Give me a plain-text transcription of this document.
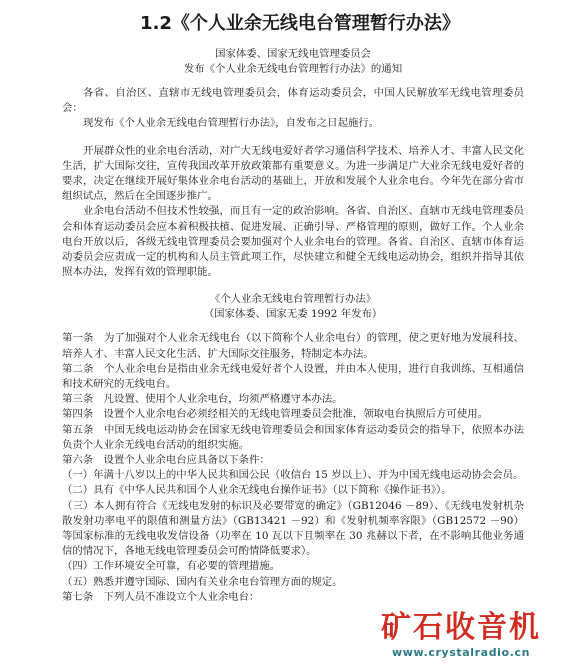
1.2《个人业余无线电台管理暂行办法》
国家体委、国家无线电管理委员会
发布《个人业余无线电台管理暂行办法》的通知

各省、自治区、直辖市无线电管理委员会，体育运动委员会，中国人民解放军无线电管理委员会：

现发布《个人业余无线电台管理暂行办法》，自发布之日起施行。

开展群众性的业余电台活动，对广大无线电爱好者学习通信科学技术、培养人才、丰富人民文化生活，扩大国际交往，宣传我国改革开放政策都有重要意义。为进一步满足广大业余无线电爱好者的要求，决定在继续开展好集体业余电台活动的基础上，开放和发展个人业余电台。今年先在部分省市组织试点，然后在全国逐步推广。

业余电台活动不但技术性较强，而且有一定的政治影响。各省、自治区、直辖市无线电管理委员会和体育运动委员会应本着积极扶植、促进发展、正确引导、严格管理的原则，做好工作。个人业余电台开放以后，各级无线电管理委员会要加强对个人业余电台的管理。各省、自治区、直辖市体育运动委员会应责成一定的机构和人员主管此项工作，尽快建立和健全无线电运动协会，组织并指导其依照本办法，发挥有效的管理职能。

《个人业余无线电台管理暂行办法》
（国家体委、国家无委 1992 年发布）

第一条　为了加强对个人业余无线电台（以下简称个人业余电台）的管理，使之更好地为发展科技、培养人才、丰富人民文化生活、扩大国际交往服务，特制定本办法。

第二条　个人业余电台是指由业余无线电爱好者个人设置，并由本人使用，进行自我训练、互相通信和技术研究的无线电台。

第三条　凡设置、使用个人业余电台，均须严格遵守本办法。

第四条　设置个人业余电台必须经相关的无线电管理委员会批准，领取电台执照后方可使用。

第五条　中国无线电运动协会在国家无线电管理委员会和国家体育运动委员会的指导下，依照本办法负责个人业余无线电台活动的组织实施。

第六条　设置个人业余电台应具备以下条件：

（一）年满十八岁以上的中华人民共和国公民（收信台 15 岁以上）、并为中国无线电运动协会会员。

（二）具有《中华人民共和国个人业余无线电台操作证书》（以下简称《操作证书》）。

（三）本人拥有符合《无线电发射的标识及必要带宽的确定》（GB12046 －89）、《无线电发射机杂散发射功率电平的限值和测量方法》（GB13421 －92）和《发射机频率容限》（GB12572 －90）等国家标准的无线电收发信设备（功率在 10 瓦以下且频率在 30 兆赫以下者，在不影响其他业务通信的情况下，各地无线电管理委员会可酌情降低要求）。

（四）工作环境安全可靠，有必要的管理措施。

（五）熟悉并遵守国际、国内有关业余电台管理方面的规定。

第七条　下列人员不准设立个人业余电台：

矿石收音机
www.crystalradio.cn
